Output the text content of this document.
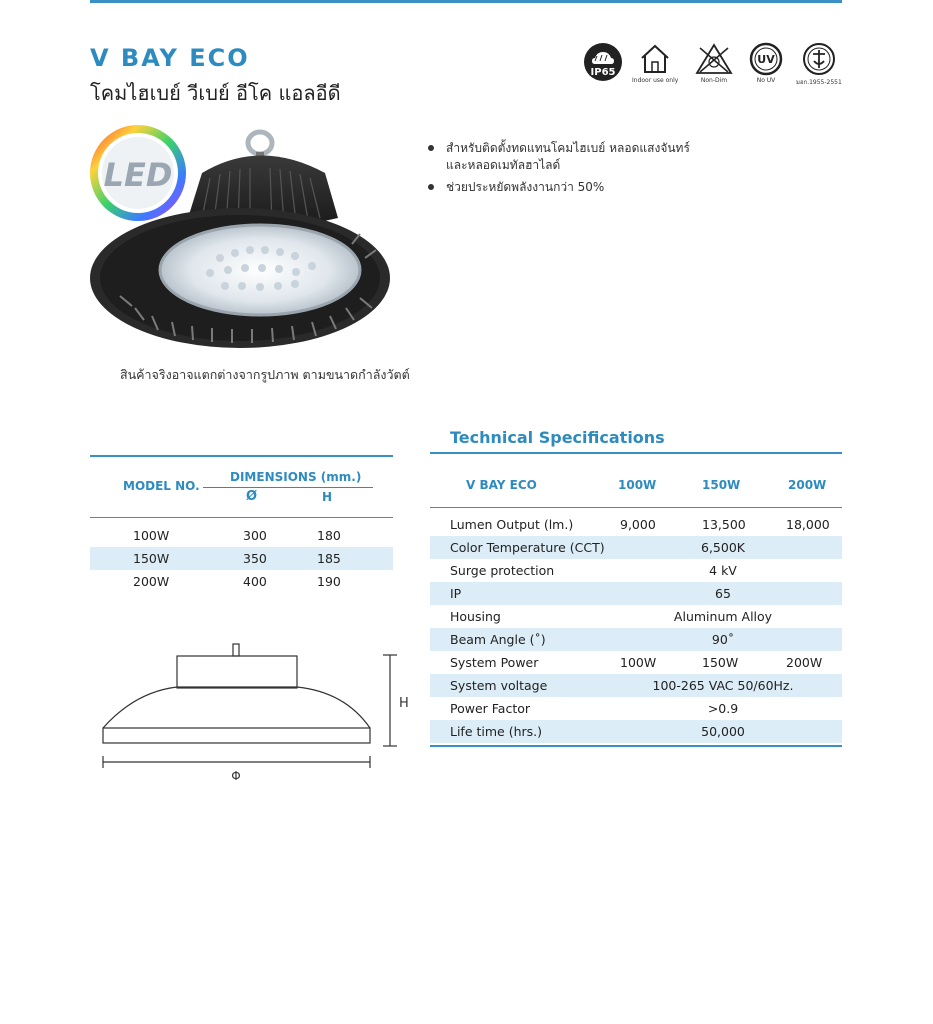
V BAY ECO
โคมไฮเบย์ วีเบย์ อีโค แอลอีดี
IP65
Indoor use only	Non-Dim
UV
No UV	มอก.1955-2551
LED
สินค้าจริงอาจแตกต่างจากรูปภาพ ตามขนาดกำลังวัตต์
สำหรับติดตั้งทดแทนโคมไฮเบย์ หลอดแสงจันทร์
และหลอดเมทัลฮาไลด์
ช่วยประหยัดพลังงานกว่า 50%
MODEL NO.
DIMENSIONS (mm.)
Ø	H
100W	300	180
150W	350	185
200W	400	190
H
Φ
Technical Specifications
V BAY ECO	100W	150W	200W
Lumen Output (lm.)	9,000	13,500	18,000
Color Temperature (CCT)	6,500K
Surge protection	4 kV
IP	65
Housing	Aluminum Alloy
Beam Angle (˚)	90˚
System Power	100W	150W	200W
System voltage	100-265 VAC 50/60Hz.
Power Factor	>0.9
Life time (hrs.)	50,000
